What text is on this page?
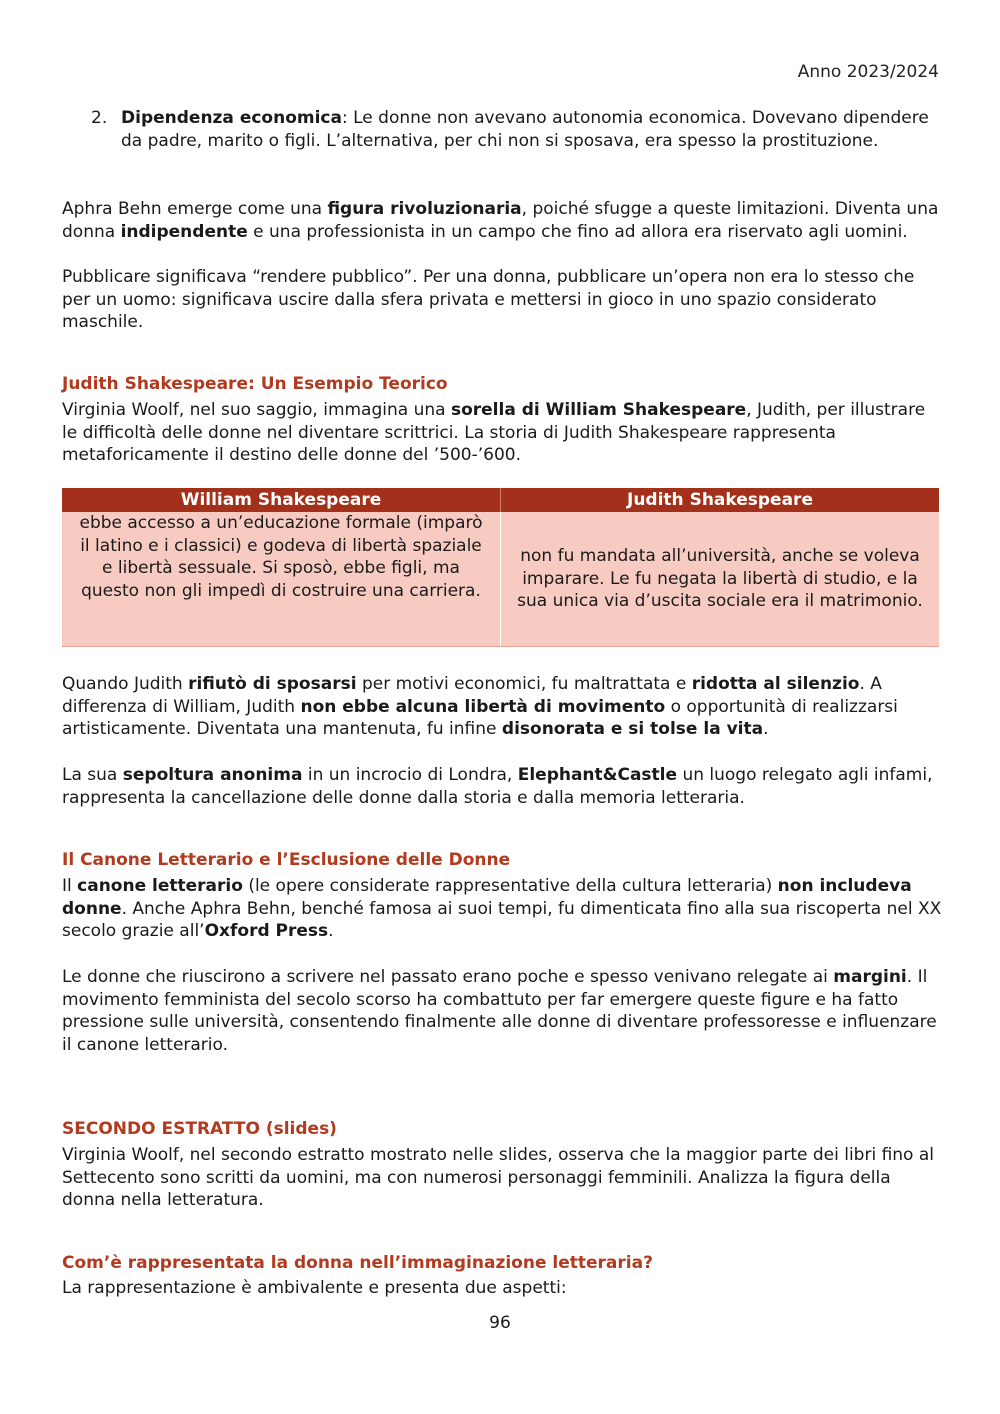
Anno 2023/2024
2. Dipendenza economica: Le donne non avevano autonomia economica. Dovevano dipendere da padre, marito o figli. L’alternativa, per chi non si sposava, era spesso la prostituzione.

Aphra Behn emerge come una figura rivoluzionaria, poiché sfugge a queste limitazioni. Diventa una donna indipendente e una professionista in un campo che fino ad allora era riservato agli uomini.

Pubblicare significava “rendere pubblico”. Per una donna, pubblicare un’opera non era lo stesso che per un uomo: significava uscire dalla sfera privata e mettersi in gioco in uno spazio considerato maschile.

Judith Shakespeare: Un Esempio Teorico

Virginia Woolf, nel suo saggio, immagina una sorella di William Shakespeare, Judith, per illustrare le difficoltà delle donne nel diventare scrittrici. La storia di Judith Shakespeare rappresenta metaforicamente il destino delle donne del ’500-’600.

William Shakespeare	Judith Shakespeare
ebbe accesso a un’educazione formale (imparò il latino e i classici) e godeva di libertà spaziale e libertà sessuale. Si sposò, ebbe figli, ma questo non gli impedì di costruire una carriera.	non fu mandata all’università, anche se voleva imparare. Le fu negata la libertà di studio, e la sua unica via d’uscita sociale era il matrimonio.

Quando Judith rifiutò di sposarsi per motivi economici, fu maltrattata e ridotta al silenzio. A differenza di William, Judith non ebbe alcuna libertà di movimento o opportunità di realizzarsi artisticamente. Diventata una mantenuta, fu infine disonorata e si tolse la vita.

La sua sepoltura anonima in un incrocio di Londra, Elephant&Castle un luogo relegato agli infami, rappresenta la cancellazione delle donne dalla storia e dalla memoria letteraria.

Il Canone Letterario e l’Esclusione delle Donne

Il canone letterario (le opere considerate rappresentative della cultura letteraria) non includeva donne. Anche Aphra Behn, benché famosa ai suoi tempi, fu dimenticata fino alla sua riscoperta nel XX secolo grazie all’Oxford Press.

Le donne che riuscirono a scrivere nel passato erano poche e spesso venivano relegate ai margini. Il movimento femminista del secolo scorso ha combattuto per far emergere queste figure e ha fatto pressione sulle università, consentendo finalmente alle donne di diventare professoresse e influenzare il canone letterario.

SECONDO ESTRATTO (slides)

Virginia Woolf, nel secondo estratto mostrato nelle slides, osserva che la maggior parte dei libri fino al Settecento sono scritti da uomini, ma con numerosi personaggi femminili. Analizza la figura della donna nella letteratura.

Com’è rappresentata la donna nell’immaginazione letteraria?

La rappresentazione è ambivalente e presenta due aspetti:

96
